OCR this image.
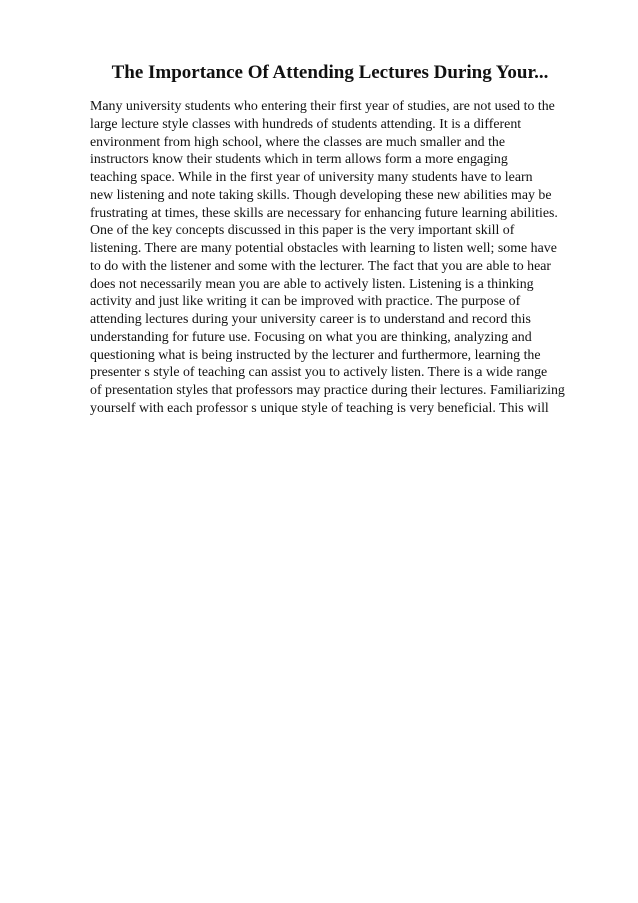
The Importance Of Attending Lectures During Your...
Many university students who entering their first year of studies, are not used to the
large lecture style classes with hundreds of students attending. It is a different
environment from high school, where the classes are much smaller and the
instructors know their students which in term allows form a more engaging
teaching space. While in the first year of university many students have to learn
new listening and note taking skills. Though developing these new abilities may be
frustrating at times, these skills are necessary for enhancing future learning abilities.
One of the key concepts discussed in this paper is the very important skill of
listening. There are many potential obstacles with learning to listen well; some have
to do with the listener and some with the lecturer. The fact that you are able to hear
does not necessarily mean you are able to actively listen. Listening is a thinking
activity and just like writing it can be improved with practice. The purpose of
attending lectures during your university career is to understand and record this
understanding for future use. Focusing on what you are thinking, analyzing and
questioning what is being instructed by the lecturer and furthermore, learning the
presenter s style of teaching can assist you to actively listen. There is a wide range
of presentation styles that professors may practice during their lectures. Familiarizing
yourself with each professor s unique style of teaching is very beneficial. This will
